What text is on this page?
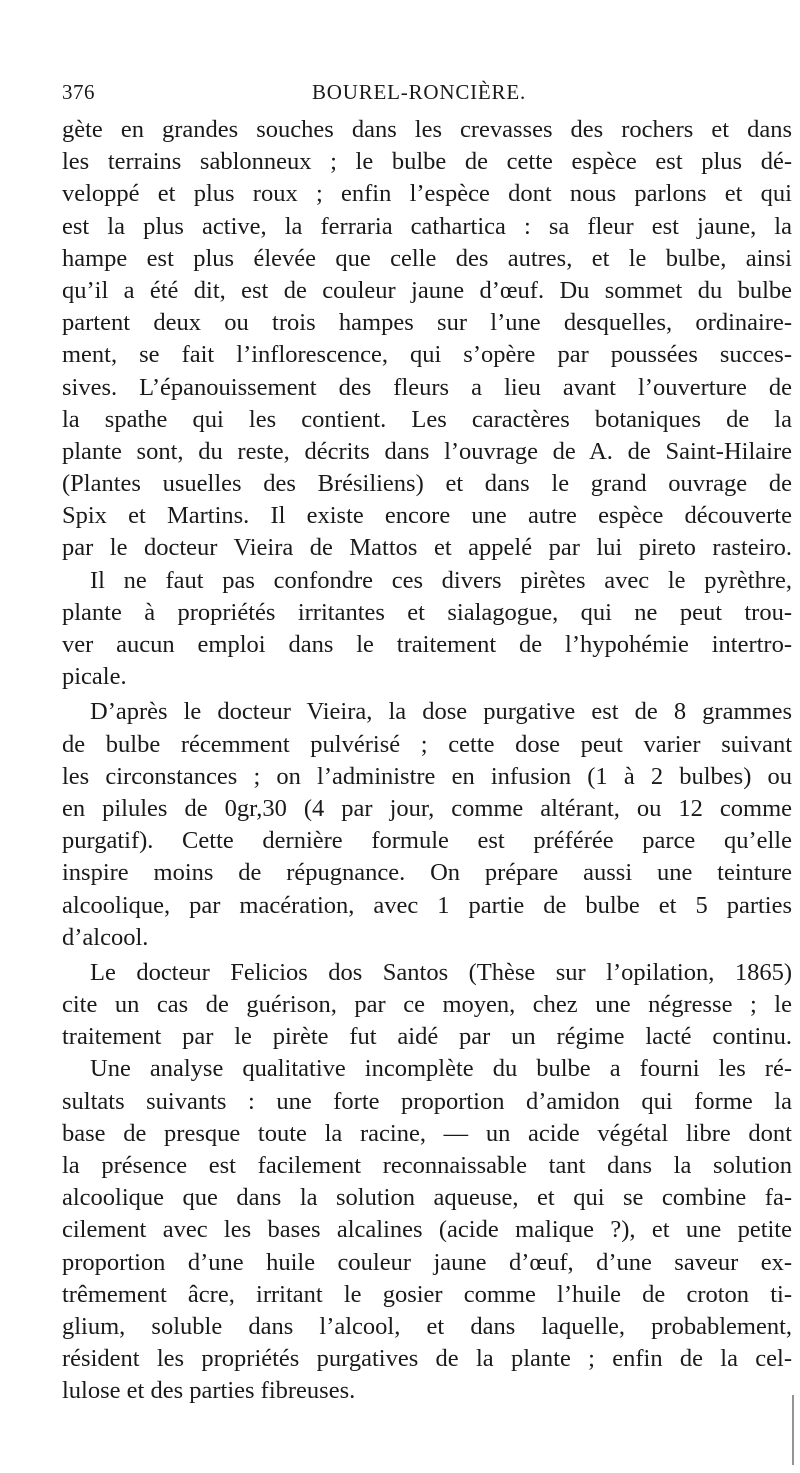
376	BOUREL-RONCIÈRE.
gète en grandes souches dans les crevasses des rochers et dans
les terrains sablonneux ; le bulbe de cette espèce est plus dé-
veloppé et plus roux ; enfin l’espèce dont nous parlons et qui
est la plus active, la ferraria cathartica : sa fleur est jaune, la
hampe est plus élevée que celle des autres, et le bulbe, ainsi
qu’il a été dit, est de couleur jaune d’œuf. Du sommet du bulbe
partent deux ou trois hampes sur l’une desquelles, ordinaire-
ment, se fait l’inflorescence, qui s’opère par poussées succes-
sives. L’épanouissement des fleurs a lieu avant l’ouverture de
la spathe qui les contient. Les caractères botaniques de la
plante sont, du reste, décrits dans l’ouvrage de A. de Saint-Hilaire
(Plantes usuelles des Brésiliens) et dans le grand ouvrage de
Spix et Martins. Il existe encore une autre espèce découverte
par le docteur Vieira de Mattos et appelé par lui pireto rasteiro.
Il ne faut pas confondre ces divers pirètes avec le pyrèthre,
plante à propriétés irritantes et sialagogue, qui ne peut trou-
ver aucun emploi dans le traitement de l’hypohémie intertro-
picale.
D’après le docteur Vieira, la dose purgative est de 8 grammes
de bulbe récemment pulvérisé ; cette dose peut varier suivant
les circonstances ; on l’administre en infusion (1 à 2 bulbes) ou
en pilules de 0gr,30 (4 par jour, comme altérant, ou 12 comme
purgatif). Cette dernière formule est préférée parce qu’elle
inspire moins de répugnance. On prépare aussi une teinture
alcoolique, par macération, avec 1 partie de bulbe et 5 parties
d’alcool.
Le docteur Felicios dos Santos (Thèse sur l’opilation, 1865)
cite un cas de guérison, par ce moyen, chez une négresse ; le
traitement par le pirète fut aidé par un régime lacté continu.
Une analyse qualitative incomplète du bulbe a fourni les ré-
sultats suivants : une forte proportion d’amidon qui forme la
base de presque toute la racine, — un acide végétal libre dont
la présence est facilement reconnaissable tant dans la solution
alcoolique que dans la solution aqueuse, et qui se combine fa-
cilement avec les bases alcalines (acide malique ?), et une petite
proportion d’une huile couleur jaune d’œuf, d’une saveur ex-
trêmement âcre, irritant le gosier comme l’huile de croton ti-
glium, soluble dans l’alcool, et dans laquelle, probablement,
résident les propriétés purgatives de la plante ; enfin de la cel-
lulose et des parties fibreuses.
